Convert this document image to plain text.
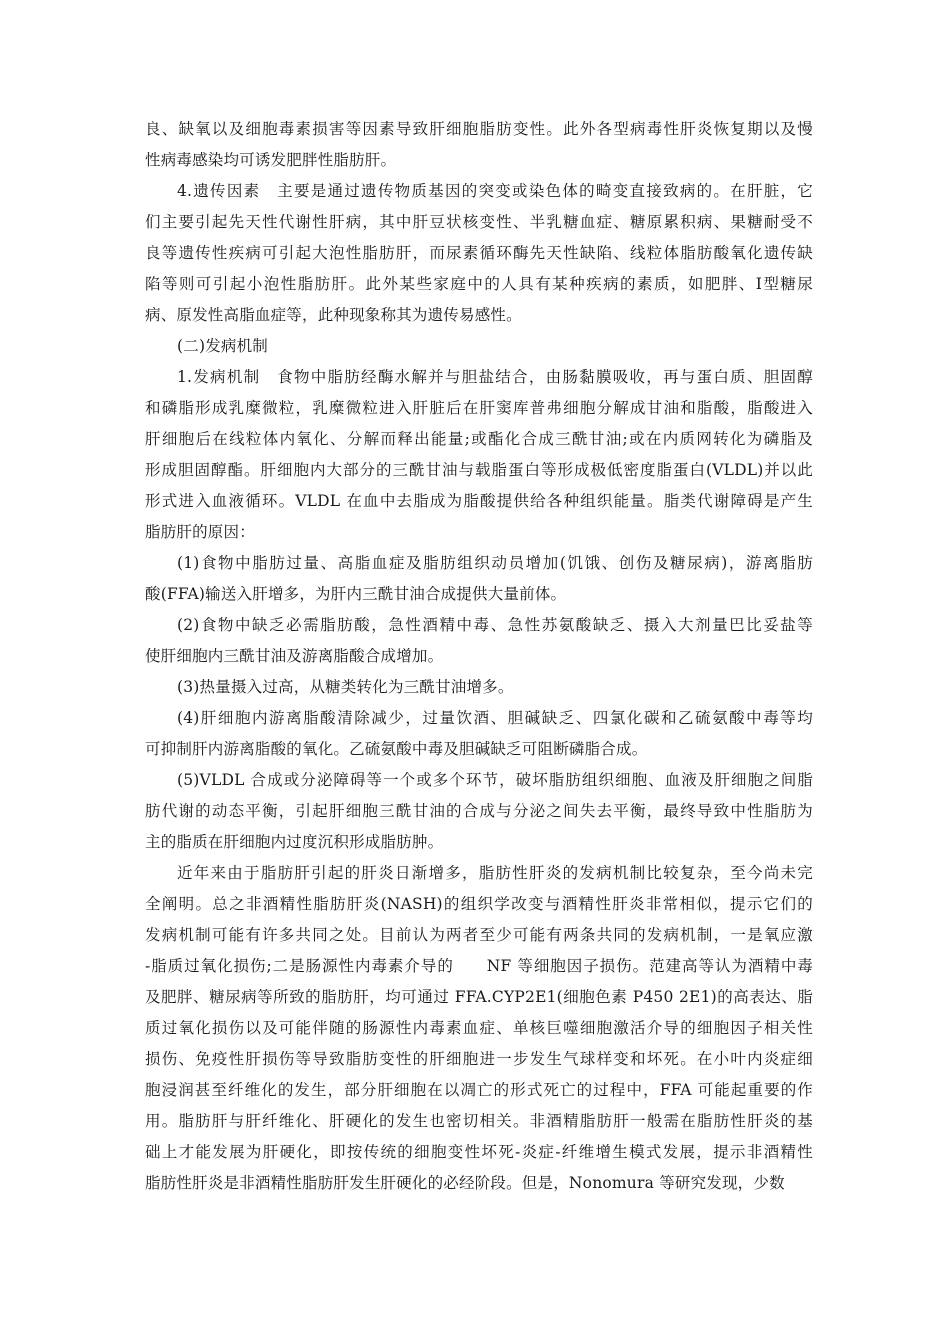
良、缺氧以及细胞毒素损害等因素导致肝细胞脂肪变性。此外各型病毒性肝炎恢复期以及慢
性病毒感染均可诱发肥胖性脂肪肝。
4.遗传因素　主要是通过遗传物质基因的突变或染色体的畸变直接致病的。在肝脏，它
们主要引起先天性代谢性肝病，其中肝豆状核变性、半乳糖血症、糖原累积病、果糖耐受不
良等遗传性疾病可引起大泡性脂肪肝，而尿素循环酶先天性缺陷、线粒体脂肪酸氧化遗传缺
陷等则可引起小泡性脂肪肝。此外某些家庭中的人具有某种疾病的素质，如肥胖、Ⅰ型糖尿
病、原发性高脂血症等，此种现象称其为遗传易感性。
(二)发病机制
1.发病机制　食物中脂肪经酶水解并与胆盐结合，由肠黏膜吸收，再与蛋白质、胆固醇
和磷脂形成乳糜微粒，乳糜微粒进入肝脏后在肝窦库普弗细胞分解成甘油和脂酸，脂酸进入
肝细胞后在线粒体内氧化、分解而释出能量;或酯化合成三酰甘油;或在内质网转化为磷脂及
形成胆固醇酯。肝细胞内大部分的三酰甘油与载脂蛋白等形成极低密度脂蛋白(VLDL)并以此
形式进入血液循环。VLDL 在血中去脂成为脂酸提供给各种组织能量。脂类代谢障碍是产生
脂肪肝的原因：
(1)食物中脂肪过量、高脂血症及脂肪组织动员增加(饥饿、创伤及糖尿病)，游离脂肪
酸(FFA)输送入肝增多，为肝内三酰甘油合成提供大量前体。
(2)食物中缺乏必需脂肪酸，急性酒精中毒、急性苏氨酸缺乏、摄入大剂量巴比妥盐等
使肝细胞内三酰甘油及游离脂酸合成增加。
(3)热量摄入过高，从糖类转化为三酰甘油增多。
(4)肝细胞内游离脂酸清除减少，过量饮酒、胆碱缺乏、四氯化碳和乙硫氨酸中毒等均
可抑制肝内游离脂酸的氧化。乙硫氨酸中毒及胆碱缺乏可阻断磷脂合成。
(5)VLDL 合成或分泌障碍等一个或多个环节，破坏脂肪组织细胞、血液及肝细胞之间脂
肪代谢的动态平衡，引起肝细胞三酰甘油的合成与分泌之间失去平衡，最终导致中性脂肪为
主的脂质在肝细胞内过度沉积形成脂肪肿。
近年来由于脂肪肝引起的肝炎日渐增多，脂肪性肝炎的发病机制比较复杂，至今尚未完
全阐明。总之非酒精性脂肪肝炎(NASH)的组织学改变与酒精性肝炎非常相似，提示它们的
发病机制可能有许多共同之处。目前认为两者至少可能有两条共同的发病机制，一是氧应激
-脂质过氧化损伤;二是肠源性内毒素介导的　　NF 等细胞因子损伤。范建高等认为酒精中毒
及肥胖、糖尿病等所致的脂肪肝，均可通过 FFA.CYP2E1(细胞色素 P450 2E1)的高表达、脂
质过氧化损伤以及可能伴随的肠源性内毒素血症、单核巨噬细胞激活介导的细胞因子相关性
损伤、免疫性肝损伤等导致脂肪变性的肝细胞进一步发生气球样变和坏死。在小叶内炎症细
胞浸润甚至纤维化的发生，部分肝细胞在以凋亡的形式死亡的过程中，FFA 可能起重要的作
用。脂肪肝与肝纤维化、肝硬化的发生也密切相关。非酒精脂肪肝一般需在脂肪性肝炎的基
础上才能发展为肝硬化，即按传统的细胞变性坏死-炎症-纤维增生模式发展，提示非酒精性
脂肪性肝炎是非酒精性脂肪肝发生肝硬化的必经阶段。但是，Nonomura 等研究发现，少数
